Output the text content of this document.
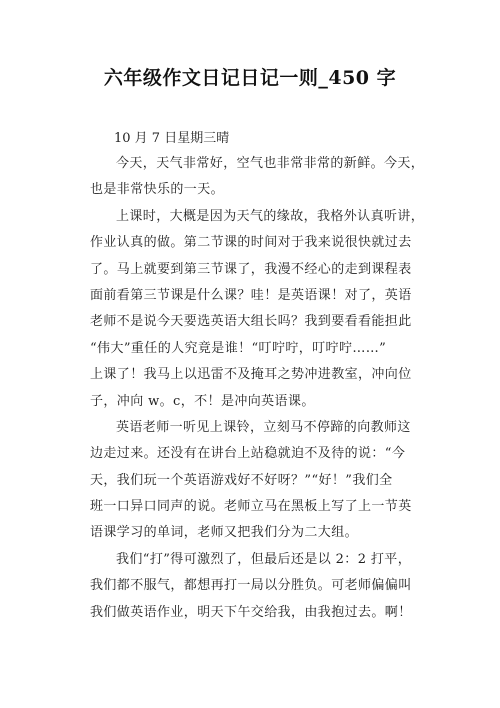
六年级作文日记日记一则_450 字
10 月 7 日星期三晴

今天，天气非常好，空气也非常非常的新鲜。今天，
也是非常快乐的一天。

上课时，大概是因为天气的缘故，我格外认真听讲，
作业认真的做。第二节课的时间对于我来说很快就过去
了。马上就要到第三节课了，我漫不经心的走到课程表
面前看第三节课是什么课？哇！是英语课！对了，英语
老师不是说今天要选英语大组长吗？我到要看看能担此
“伟大”重任的人究竟是谁！“叮咛咛，叮咛咛……”
上课了！我马上以迅雷不及掩耳之势冲进教室，冲向位
子，冲向 w。c，不！是冲向英语课。

英语老师一听见上课铃，立刻马不停蹄的向教师这
边走过来。还没有在讲台上站稳就迫不及待的说：“今
天，我们玩一个英语游戏好不好呀？”“好！”我们全
班一口异口同声的说。老师立马在黑板上写了上一节英
语课学习的单词，老师又把我们分为二大组。

我们“打”得可激烈了，但最后还是以 2：2 打平，
我们都不服气，都想再打一局以分胜负。可老师偏偏叫
我们做英语作业，明天下午交给我，由我抱过去。啊！
